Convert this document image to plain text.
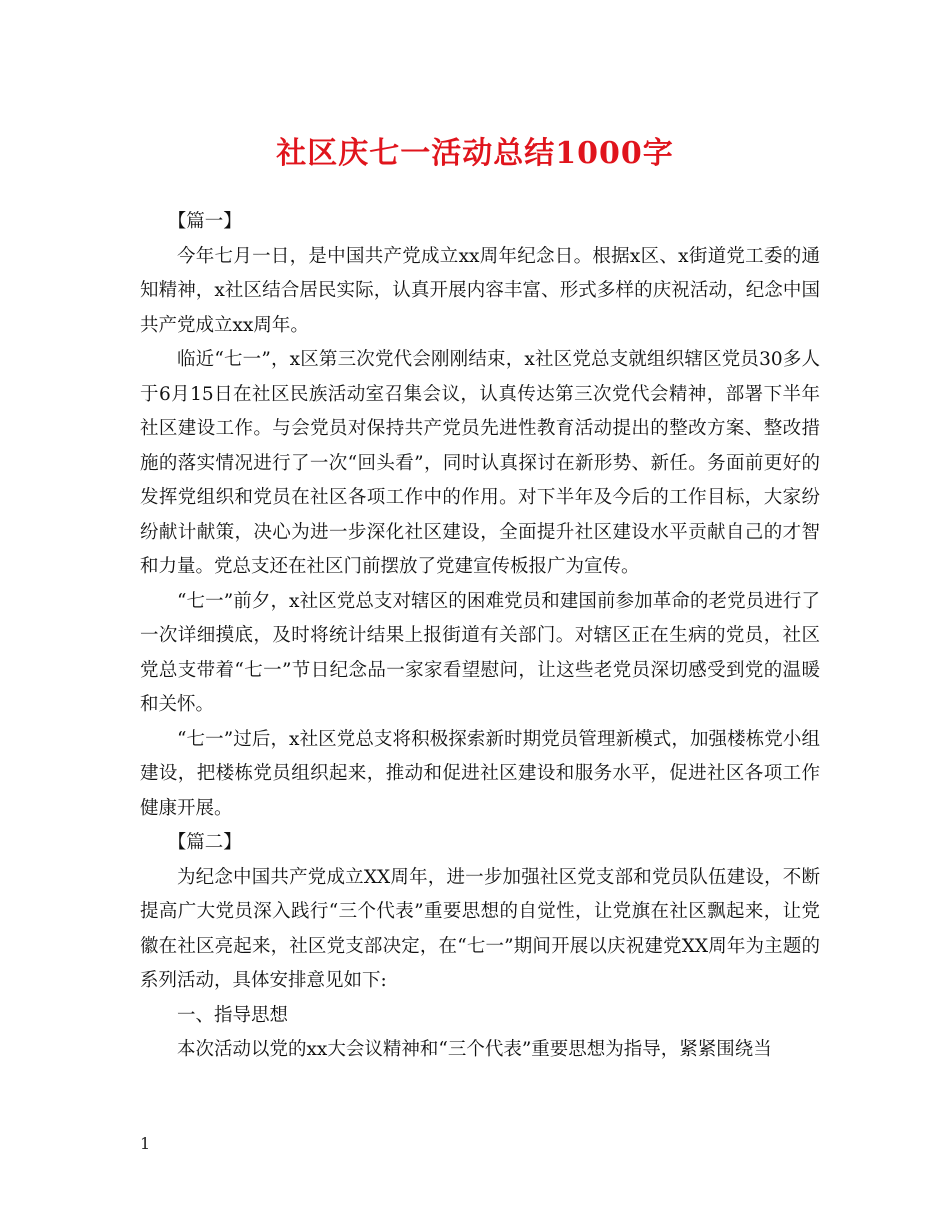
社区庆七一活动总结1000字

【篇一】

今年七月一日，是中国共产党成立xx周年纪念日。根据x区、x街道党工委的通知精神，x社区结合居民实际，认真开展内容丰富、形式多样的庆祝活动，纪念中国共产党成立xx周年。

临近“七一”，x区第三次党代会刚刚结束，x社区党总支就组织辖区党员30多人于6月15日在社区民族活动室召集会议，认真传达第三次党代会精神，部署下半年社区建设工作。与会党员对保持共产党员先进性教育活动提出的整改方案、整改措施的落实情况进行了一次“回头看”，同时认真探讨在新形势、新任。务面前更好的发挥党组织和党员在社区各项工作中的作用。对下半年及今后的工作目标，大家纷纷献计献策，决心为进一步深化社区建设，全面提升社区建设水平贡献自己的才智和力量。党总支还在社区门前摆放了党建宣传板报广为宣传。

“七一”前夕，x社区党总支对辖区的困难党员和建国前参加革命的老党员进行了一次详细摸底，及时将统计结果上报街道有关部门。对辖区正在生病的党员，社区党总支带着“七一”节日纪念品一家家看望慰问，让这些老党员深切感受到党的温暖和关怀。

“七一”过后，x社区党总支将积极探索新时期党员管理新模式，加强楼栋党小组建设，把楼栋党员组织起来，推动和促进社区建设和服务水平，促进社区各项工作健康开展。

【篇二】

为纪念中国共产党成立XX周年，进一步加强社区党支部和党员队伍建设，不断提高广大党员深入践行“三个代表”重要思想的自觉性，让党旗在社区飘起来，让党徽在社区亮起来，社区党支部决定，在“七一”期间开展以庆祝建党XX周年为主题的系列活动，具体安排意见如下:

一、指导思想

本次活动以党的xx大会议精神和“三个代表”重要思想为指导，紧紧围绕当

1
